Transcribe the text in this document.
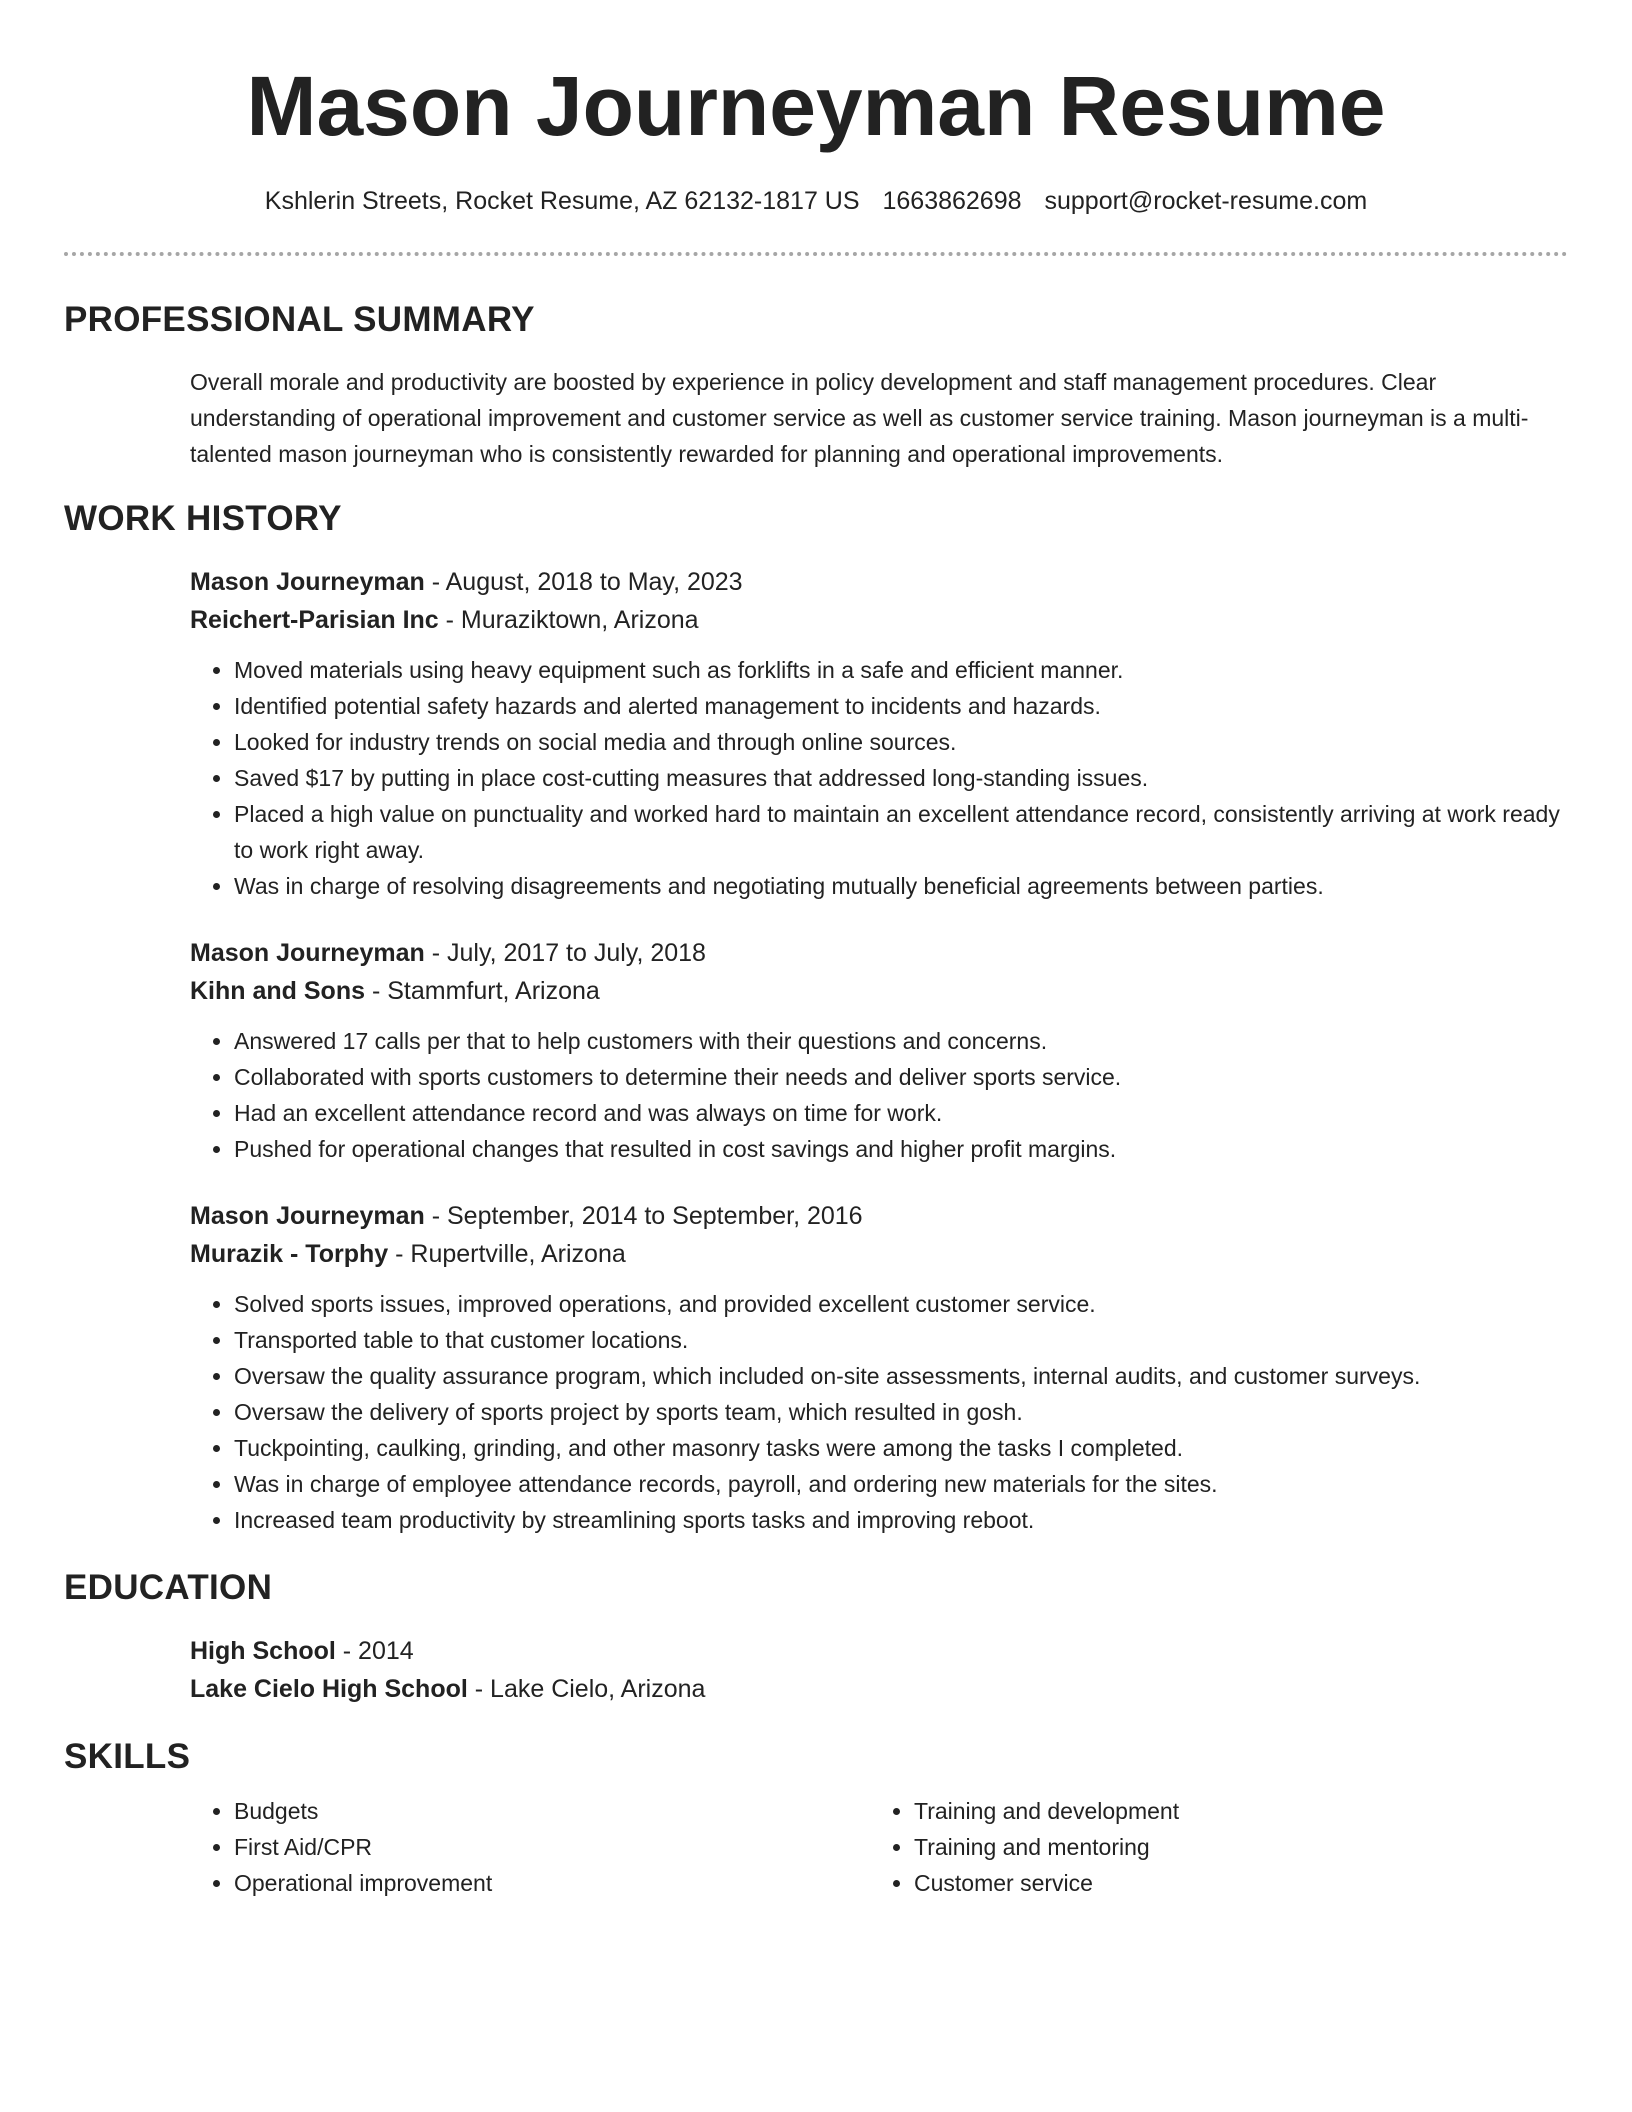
Mason Journeyman Resume
Kshlerin Streets, Rocket Resume, AZ 62132-1817 US 1663862698 support@rocket-resume.com
PROFESSIONAL SUMMARY
Overall morale and productivity are boosted by experience in policy development and staff management procedures. Clear understanding of operational improvement and customer service as well as customer service training. Mason journeyman is a multi-talented mason journeyman who is consistently rewarded for planning and operational improvements.
WORK HISTORY
Mason Journeyman - August, 2018 to May, 2023
Reichert-Parisian Inc - Muraziktown, Arizona
• Moved materials using heavy equipment such as forklifts in a safe and efficient manner.
• Identified potential safety hazards and alerted management to incidents and hazards.
• Looked for industry trends on social media and through online sources.
• Saved $17 by putting in place cost-cutting measures that addressed long-standing issues.
• Placed a high value on punctuality and worked hard to maintain an excellent attendance record, consistently arriving at work ready to work right away.
• Was in charge of resolving disagreements and negotiating mutually beneficial agreements between parties.
Mason Journeyman - July, 2017 to July, 2018
Kihn and Sons - Stammfurt, Arizona
• Answered 17 calls per that to help customers with their questions and concerns.
• Collaborated with sports customers to determine their needs and deliver sports service.
• Had an excellent attendance record and was always on time for work.
• Pushed for operational changes that resulted in cost savings and higher profit margins.
Mason Journeyman - September, 2014 to September, 2016
Murazik - Torphy - Rupertville, Arizona
• Solved sports issues, improved operations, and provided excellent customer service.
• Transported table to that customer locations.
• Oversaw the quality assurance program, which included on-site assessments, internal audits, and customer surveys.
• Oversaw the delivery of sports project by sports team, which resulted in gosh.
• Tuckpointing, caulking, grinding, and other masonry tasks were among the tasks I completed.
• Was in charge of employee attendance records, payroll, and ordering new materials for the sites.
• Increased team productivity by streamlining sports tasks and improving reboot.
EDUCATION
High School - 2014
Lake Cielo High School - Lake Cielo, Arizona
SKILLS
• Budgets
• First Aid/CPR
• Operational improvement
• Training and development
• Training and mentoring
• Customer service
